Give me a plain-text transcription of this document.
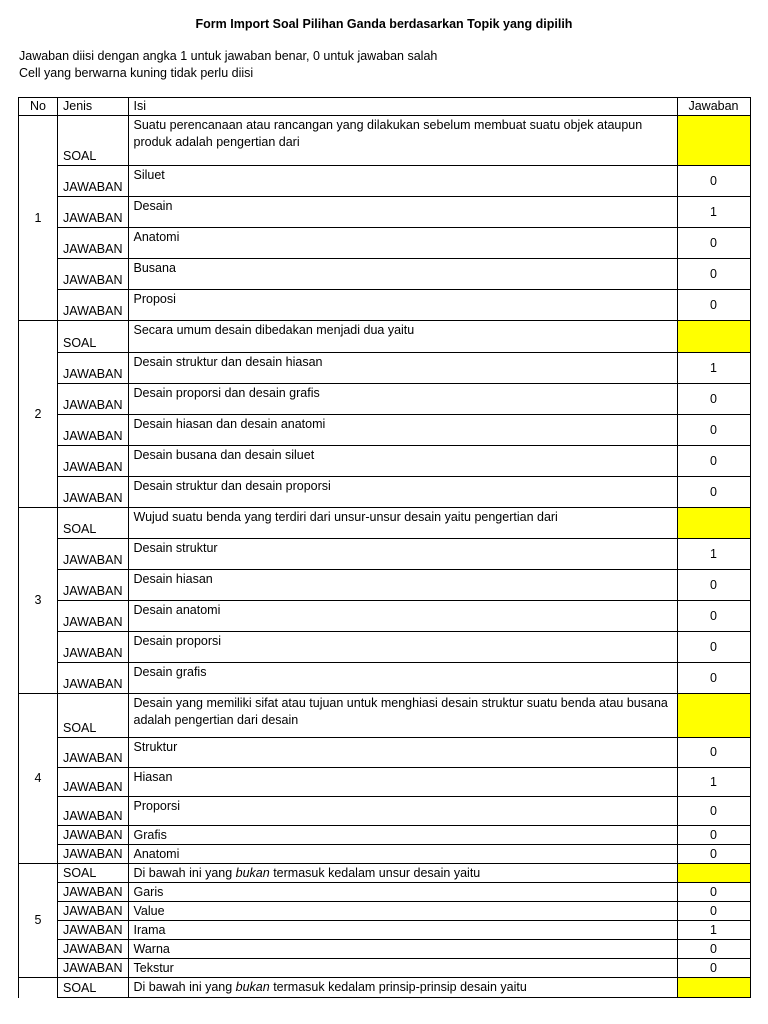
Form Import Soal Pilihan Ganda berdasarkan Topik yang dipilih
Jawaban diisi dengan angka 1 untuk jawaban benar, 0 untuk jawaban salah
Cell yang berwarna kuning tidak perlu diisi
No	Jenis	Isi	Jawaban
1	SOAL	Suatu perencanaan atau rancangan yang dilakukan sebelum membuat suatu objek ataupun produk adalah pengertian dari	
	JAWABAN	Siluet	0
	JAWABAN	Desain	1
	JAWABAN	Anatomi	0
	JAWABAN	Busana	0
	JAWABAN	Proposi	0
2	SOAL	Secara umum desain dibedakan menjadi dua yaitu	
	JAWABAN	Desain struktur dan desain hiasan	1
	JAWABAN	Desain proporsi dan desain grafis	0
	JAWABAN	Desain hiasan dan desain anatomi	0
	JAWABAN	Desain busana dan desain siluet	0
	JAWABAN	Desain struktur dan desain proporsi	0
3	SOAL	Wujud suatu benda yang terdiri dari unsur-unsur desain yaitu pengertian dari	
	JAWABAN	Desain struktur	1
	JAWABAN	Desain hiasan	0
	JAWABAN	Desain anatomi	0
	JAWABAN	Desain proporsi	0
	JAWABAN	Desain grafis	0
4	SOAL	Desain yang memiliki sifat atau tujuan untuk menghiasi desain struktur suatu benda atau busana adalah pengertian dari desain	
	JAWABAN	Struktur	0
	JAWABAN	Hiasan	1
	JAWABAN	Proporsi	0
	JAWABAN	Grafis	0
	JAWABAN	Anatomi	0
5	SOAL	Di bawah ini yang bukan termasuk kedalam unsur desain yaitu	
	JAWABAN	Garis	0
	JAWABAN	Value	0
	JAWABAN	Irama	1
	JAWABAN	Warna	0
	JAWABAN	Tekstur	0
	SOAL	Di bawah ini yang bukan termasuk kedalam prinsip-prinsip desain yaitu	
